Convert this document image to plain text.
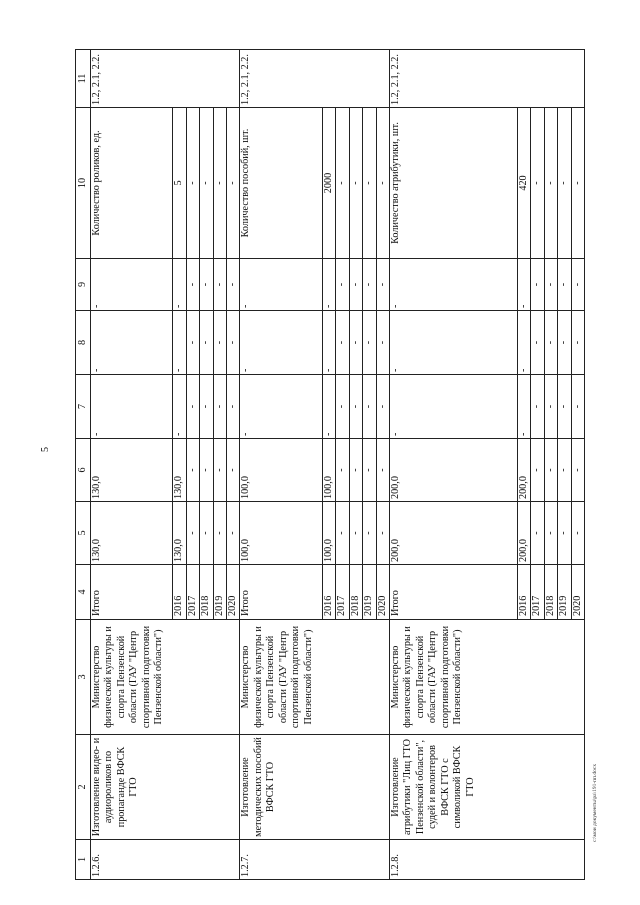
5
1	2	3	4	5	6	7	8	9	10	11
1.2.6.	Изготовление видео- и аудиороликов по пропаганде ВФСК ГТО	Министерство физической культуры и спорта Пензенской области (ГАУ "Центр спортивной подготовки Пензенской области")	Итого	130,0	130,0	-	-	-	Количество роликов, ед.	1.2, 2.1, 2.2.
			2016	130,0	130,0	-	-	-	5	
			2017	-	-	-	-	-	-	
			2018	-	-	-	-	-	-	
			2019	-	-	-	-	-	-	
			2020	-	-	-	-	-	-	
1.2.7.	Изготовление методических пособий ВФСК ГТО	Министерство физической культуры и спорта Пензенской области (ГАУ "Центр спортивной подготовки Пензенской области")	Итого	100,0	100,0	-	-	-	Количество пособий, шт.	1.2, 2.1, 2.2.
			2016	100,0	100,0	-	-	-	2000	
			2017	-	-	-	-	-	-	
			2018	-	-	-	-	-	-	
			2019	-	-	-	-	-	-	
			2020	-	-	-	-	-	-	
1.2.8.	Изготовление атрибутики "Лиц ГТО Пензенской области", судей и волонтеров ВФСК ГТО с символикой ВФСК ГТО	Министерство физической культуры и спорта Пензенской области (ГАУ "Центр спортивной подготовки Пензенской области")	Итого	200,0	200,0	-	-	-	Количество атрибутики, шт.	1.2, 2.1, 2.2.
			2016	200,0	200,0	-	-	-	420	
			2017	-	-	-	-	-	-	
			2018	-	-	-	-	-	-	
			2019	-	-	-	-	-	-	
			2020	-	-	-	-	-	-	
c:\мои документы\ра\191-пп.docx
